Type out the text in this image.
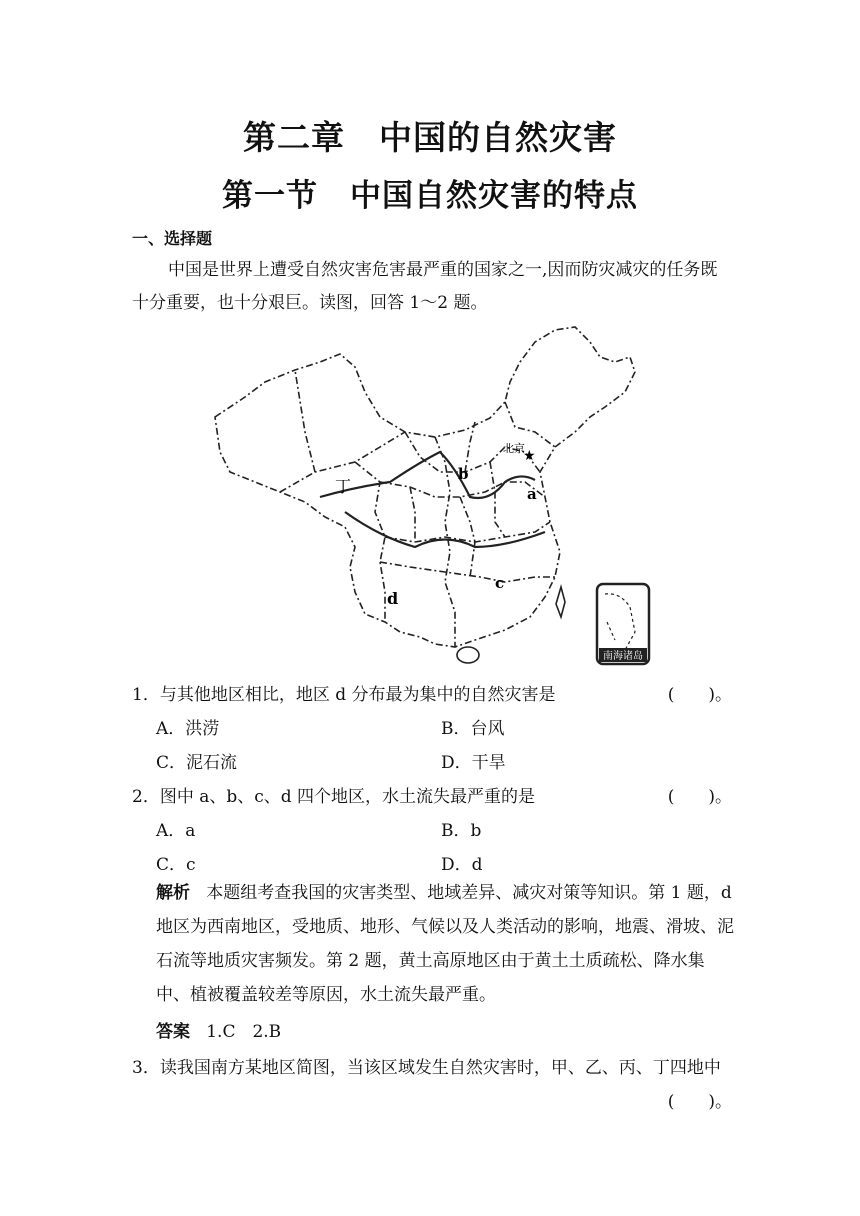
第二章　中国的自然灾害
第一节　中国自然灾害的特点
一、选择题
中国是世界上遭受自然灾害危害最严重的国家之一,因而防灾减灾的任务既十分重要，也十分艰巨。读图，回答 1～2 题。
★
北京
丁
b
a
c
d
南海诸岛
1．与其他地区相比，地区 d 分布最为集中的自然灾害是	(　　)。
A．洪涝	B．台风
C．泥石流	D．干旱
2．图中 a、b、c、d 四个地区，水土流失最严重的是	(　　)。
A．a	B．b
C．c	D．d
解析 本题组考查我国的灾害类型、地域差异、减灾对策等知识。第 1 题，d 地区为西南地区，受地质、地形、气候以及人类活动的影响，地震、滑坡、泥石流等地质灾害频发。第 2 题，黄土高原地区由于黄土土质疏松、降水集中、植被覆盖较差等原因，水土流失最严重。
答案 1.C　2.B
3．读我国南方某地区简图，当该区域发生自然灾害时，甲、乙、丙、丁四地中
(　　)。
